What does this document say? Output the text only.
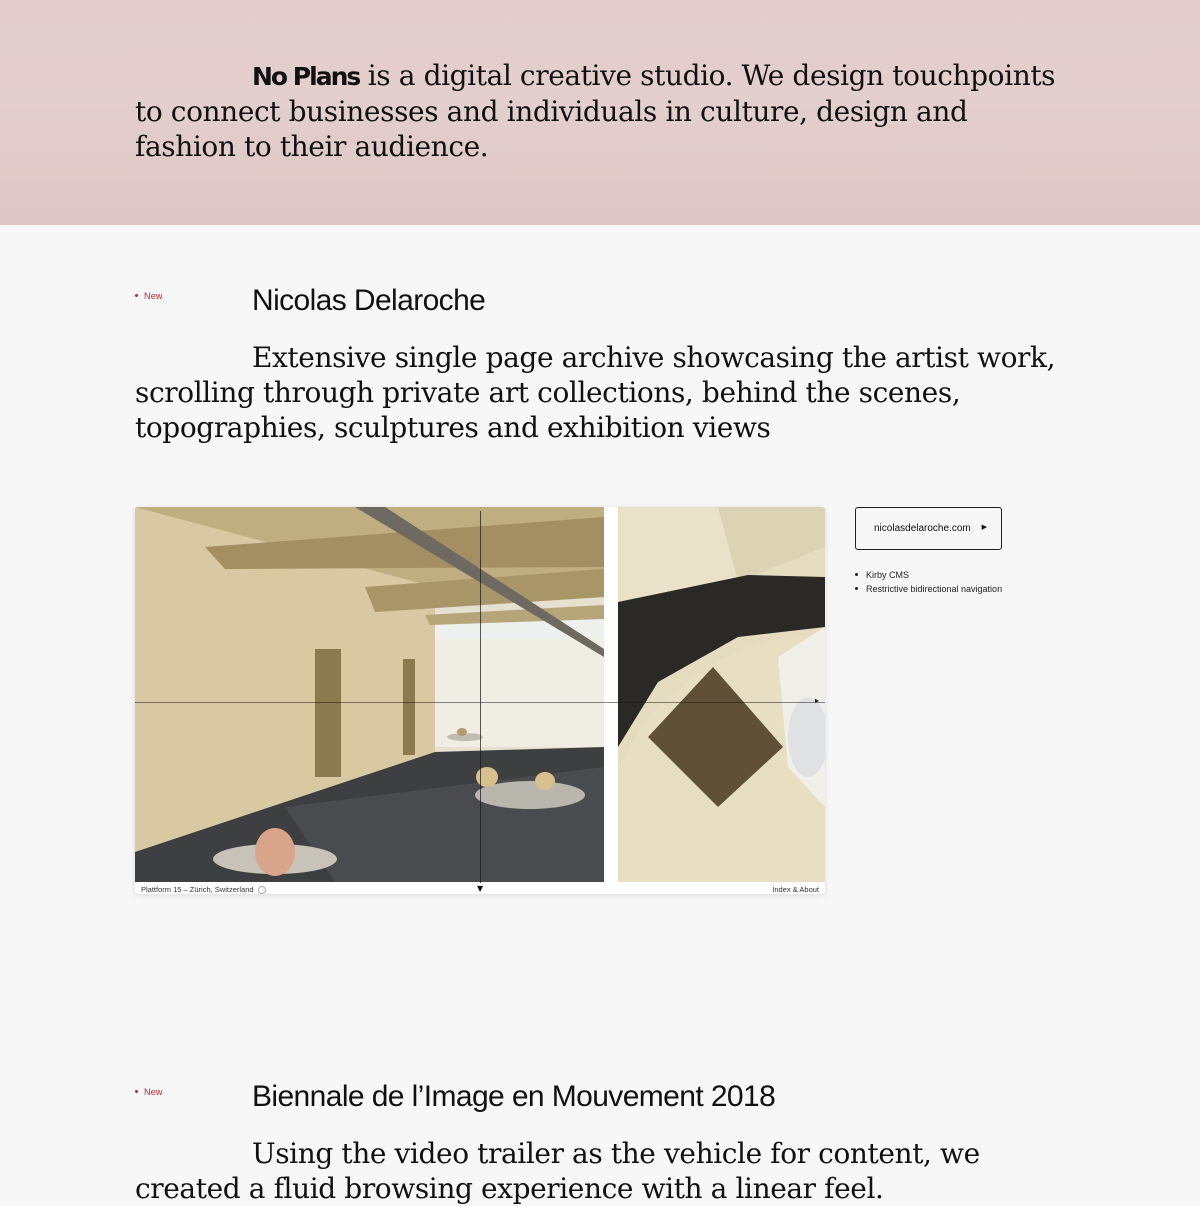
No Plans is a digital creative studio. We design touchpoints to connect businesses and individuals in culture, design and fashion to their audience.

New	Nicolas Delaroche

Extensive single page archive showcasing the artist work, scrolling through private art collections, behind the scenes, topographies, sculptures and exhibition views

▸
Plattform 15 – Zürich, Switzerland	▼	Index & About
nicolasdelaroche.com ▶
Kirby CMS
Restrictive bidirectional navigation
New	Biennale de l’Image en Mouvement 2018

Using the video trailer as the vehicle for content, we created a fluid browsing experience with a linear feel.
